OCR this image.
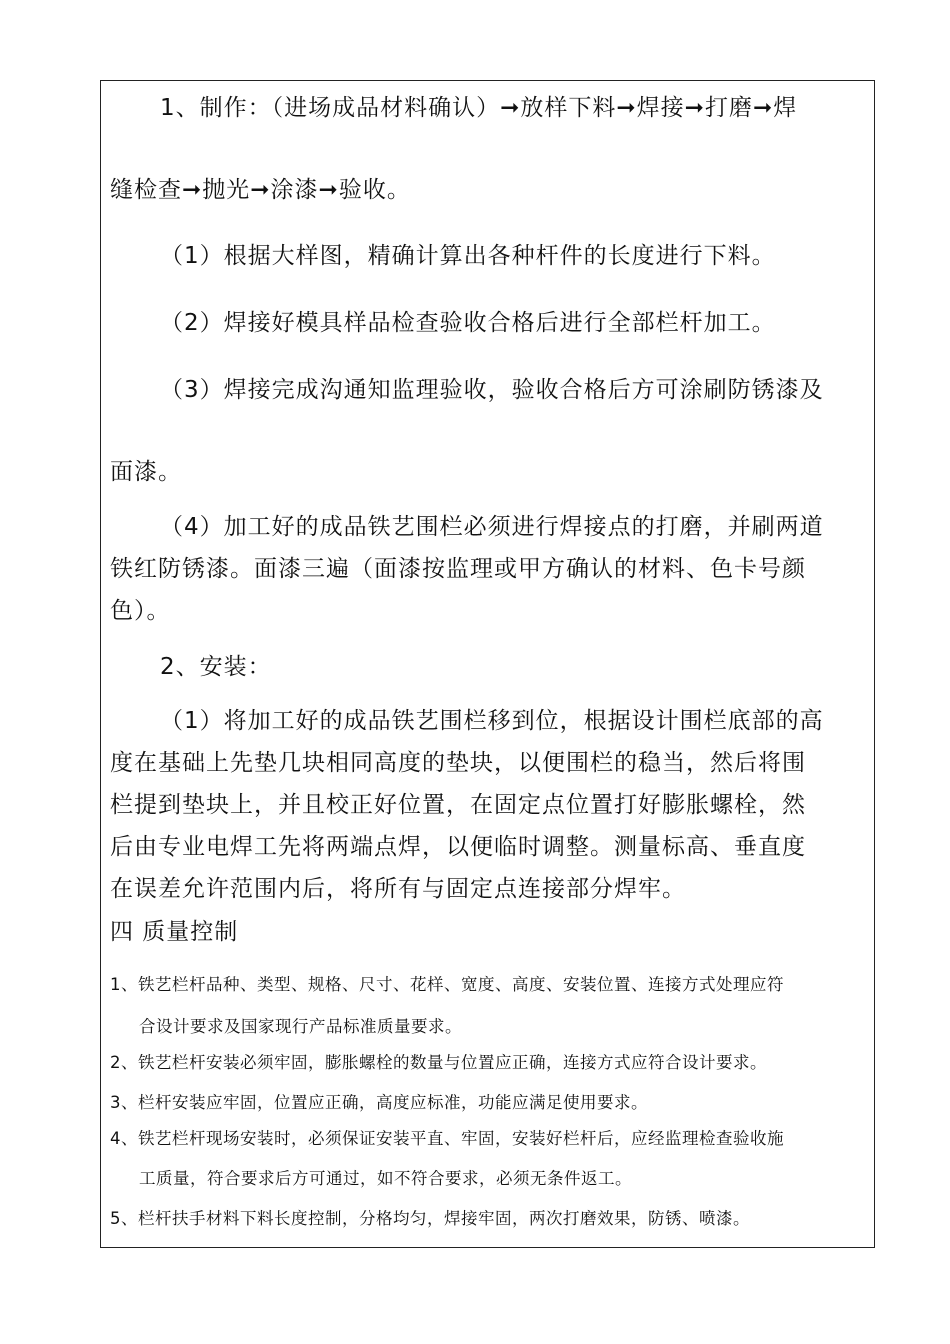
1、制作：（进场成品材料确认）➞放样下料➞焊接➞打磨➞焊
缝检查➞抛光➞涂漆➞验收。
（1）根据大样图，精确计算出各种杆件的长度进行下料。
（2）焊接好模具样品检查验收合格后进行全部栏杆加工。
（3）焊接完成沟通知监理验收，验收合格后方可涂刷防锈漆及
面漆。
（4）加工好的成品铁艺围栏必须进行焊接点的打磨，并刷两道
铁红防锈漆。面漆三遍（面漆按监理或甲方确认的材料、色卡号颜
色）。
2、安装：
（1）将加工好的成品铁艺围栏移到位，根据设计围栏底部的高
度在基础上先垫几块相同高度的垫块，以便围栏的稳当，然后将围
栏提到垫块上，并且校正好位置，在固定点位置打好膨胀螺栓，然
后由专业电焊工先将两端点焊，以便临时调整。测量标高、垂直度
在误差允许范围内后，将所有与固定点连接部分焊牢。
四 质量控制
1、铁艺栏杆品种、类型、规格、尺寸、花样、宽度、高度、安装位置、连接方式处理应符
合设计要求及国家现行产品标准质量要求。
2、铁艺栏杆安装必须牢固，膨胀螺栓的数量与位置应正确，连接方式应符合设计要求。
3、栏杆安装应牢固，位置应正确，高度应标准，功能应满足使用要求。
4、铁艺栏杆现场安装时，必须保证安装平直、牢固，安装好栏杆后，应经监理检查验收施
工质量，符合要求后方可通过，如不符合要求，必须无条件返工。
5、栏杆扶手材料下料长度控制，分格均匀，焊接牢固，两次打磨效果，防锈、喷漆。
